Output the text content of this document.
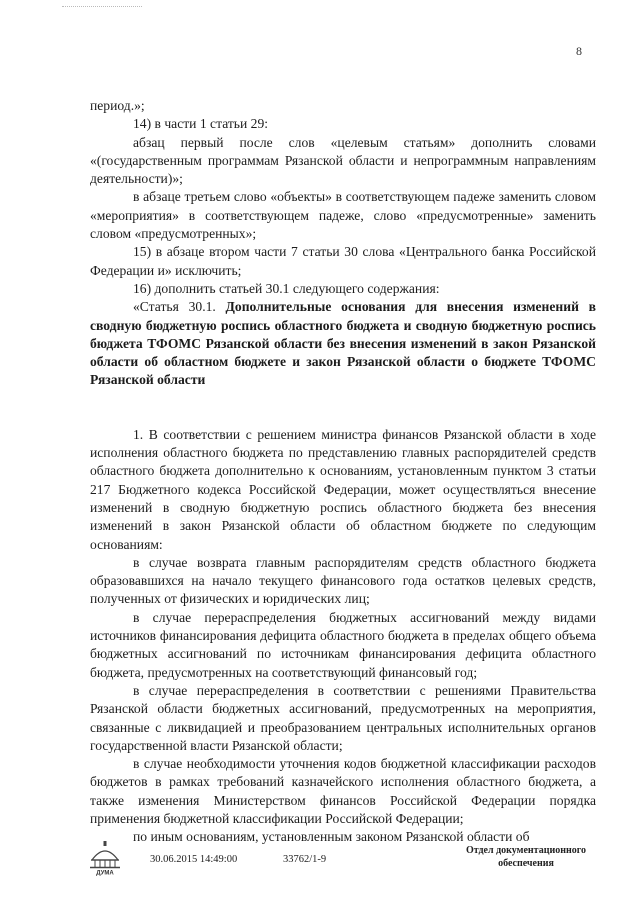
8

период.»;

14) в части 1 статьи 29:

абзац первый после слов «целевым статьям» дополнить словами «(государственным программам Рязанской области и непрограммным направлениям деятельности)»;

в абзаце третьем слово «объекты» в соответствующем падеже заменить словом «мероприятия» в соответствующем падеже, слово «предусмотренные» заменить словом «предусмотренных»;

15) в абзаце втором части 7 статьи 30 слова «Центрального банка Российской Федерации и» исключить;

16) дополнить статьей 30.1 следующего содержания:

«Статья 30.1. Дополнительные основания для внесения изменений в сводную бюджетную роспись областного бюджета и сводную бюджетную роспись бюджета ТФОМС Рязанской области без внесения изменений в закон Рязанской области об областном бюджете и закон Рязанской области о бюджете ТФОМС Рязанской области

1. В соответствии с решением министра финансов Рязанской области в ходе исполнения областного бюджета по представлению главных распорядителей средств областного бюджета дополнительно к основаниям, установленным пунктом 3 статьи 217 Бюджетного кодекса Российской Федерации, может осуществляться внесение изменений в сводную бюджетную роспись областного бюджета без внесения изменений в закон Рязанской области об областном бюджете по следующим основаниям:

в случае возврата главным распорядителям средств областного бюджета образовавшихся на начало текущего финансового года остатков целевых средств, полученных от физических и юридических лиц;

в случае перераспределения бюджетных ассигнований между видами источников финансирования дефицита областного бюджета в пределах общего объема бюджетных ассигнований по источникам финансирования дефицита областного бюджета, предусмотренных на соответствующий финансовый год;

в случае перераспределения в соответствии с решениями Правительства Рязанской области бюджетных ассигнований, предусмотренных на мероприятия, связанные с ликвидацией и преобразованием центральных исполнительных органов государственной власти Рязанской области;

в случае необходимости уточнения кодов бюджетной классификации расходов бюджетов в рамках требований казначейского исполнения областного бюджета, а также изменения Министерством финансов Российской Федерации порядка применения бюджетной классификации Российской Федерации;

по иным основаниям, установленным законом Рязанской области об

ДУМА
30.06.2015 14:49:00	33762/1-9
Отдел документационного
обеспечения
